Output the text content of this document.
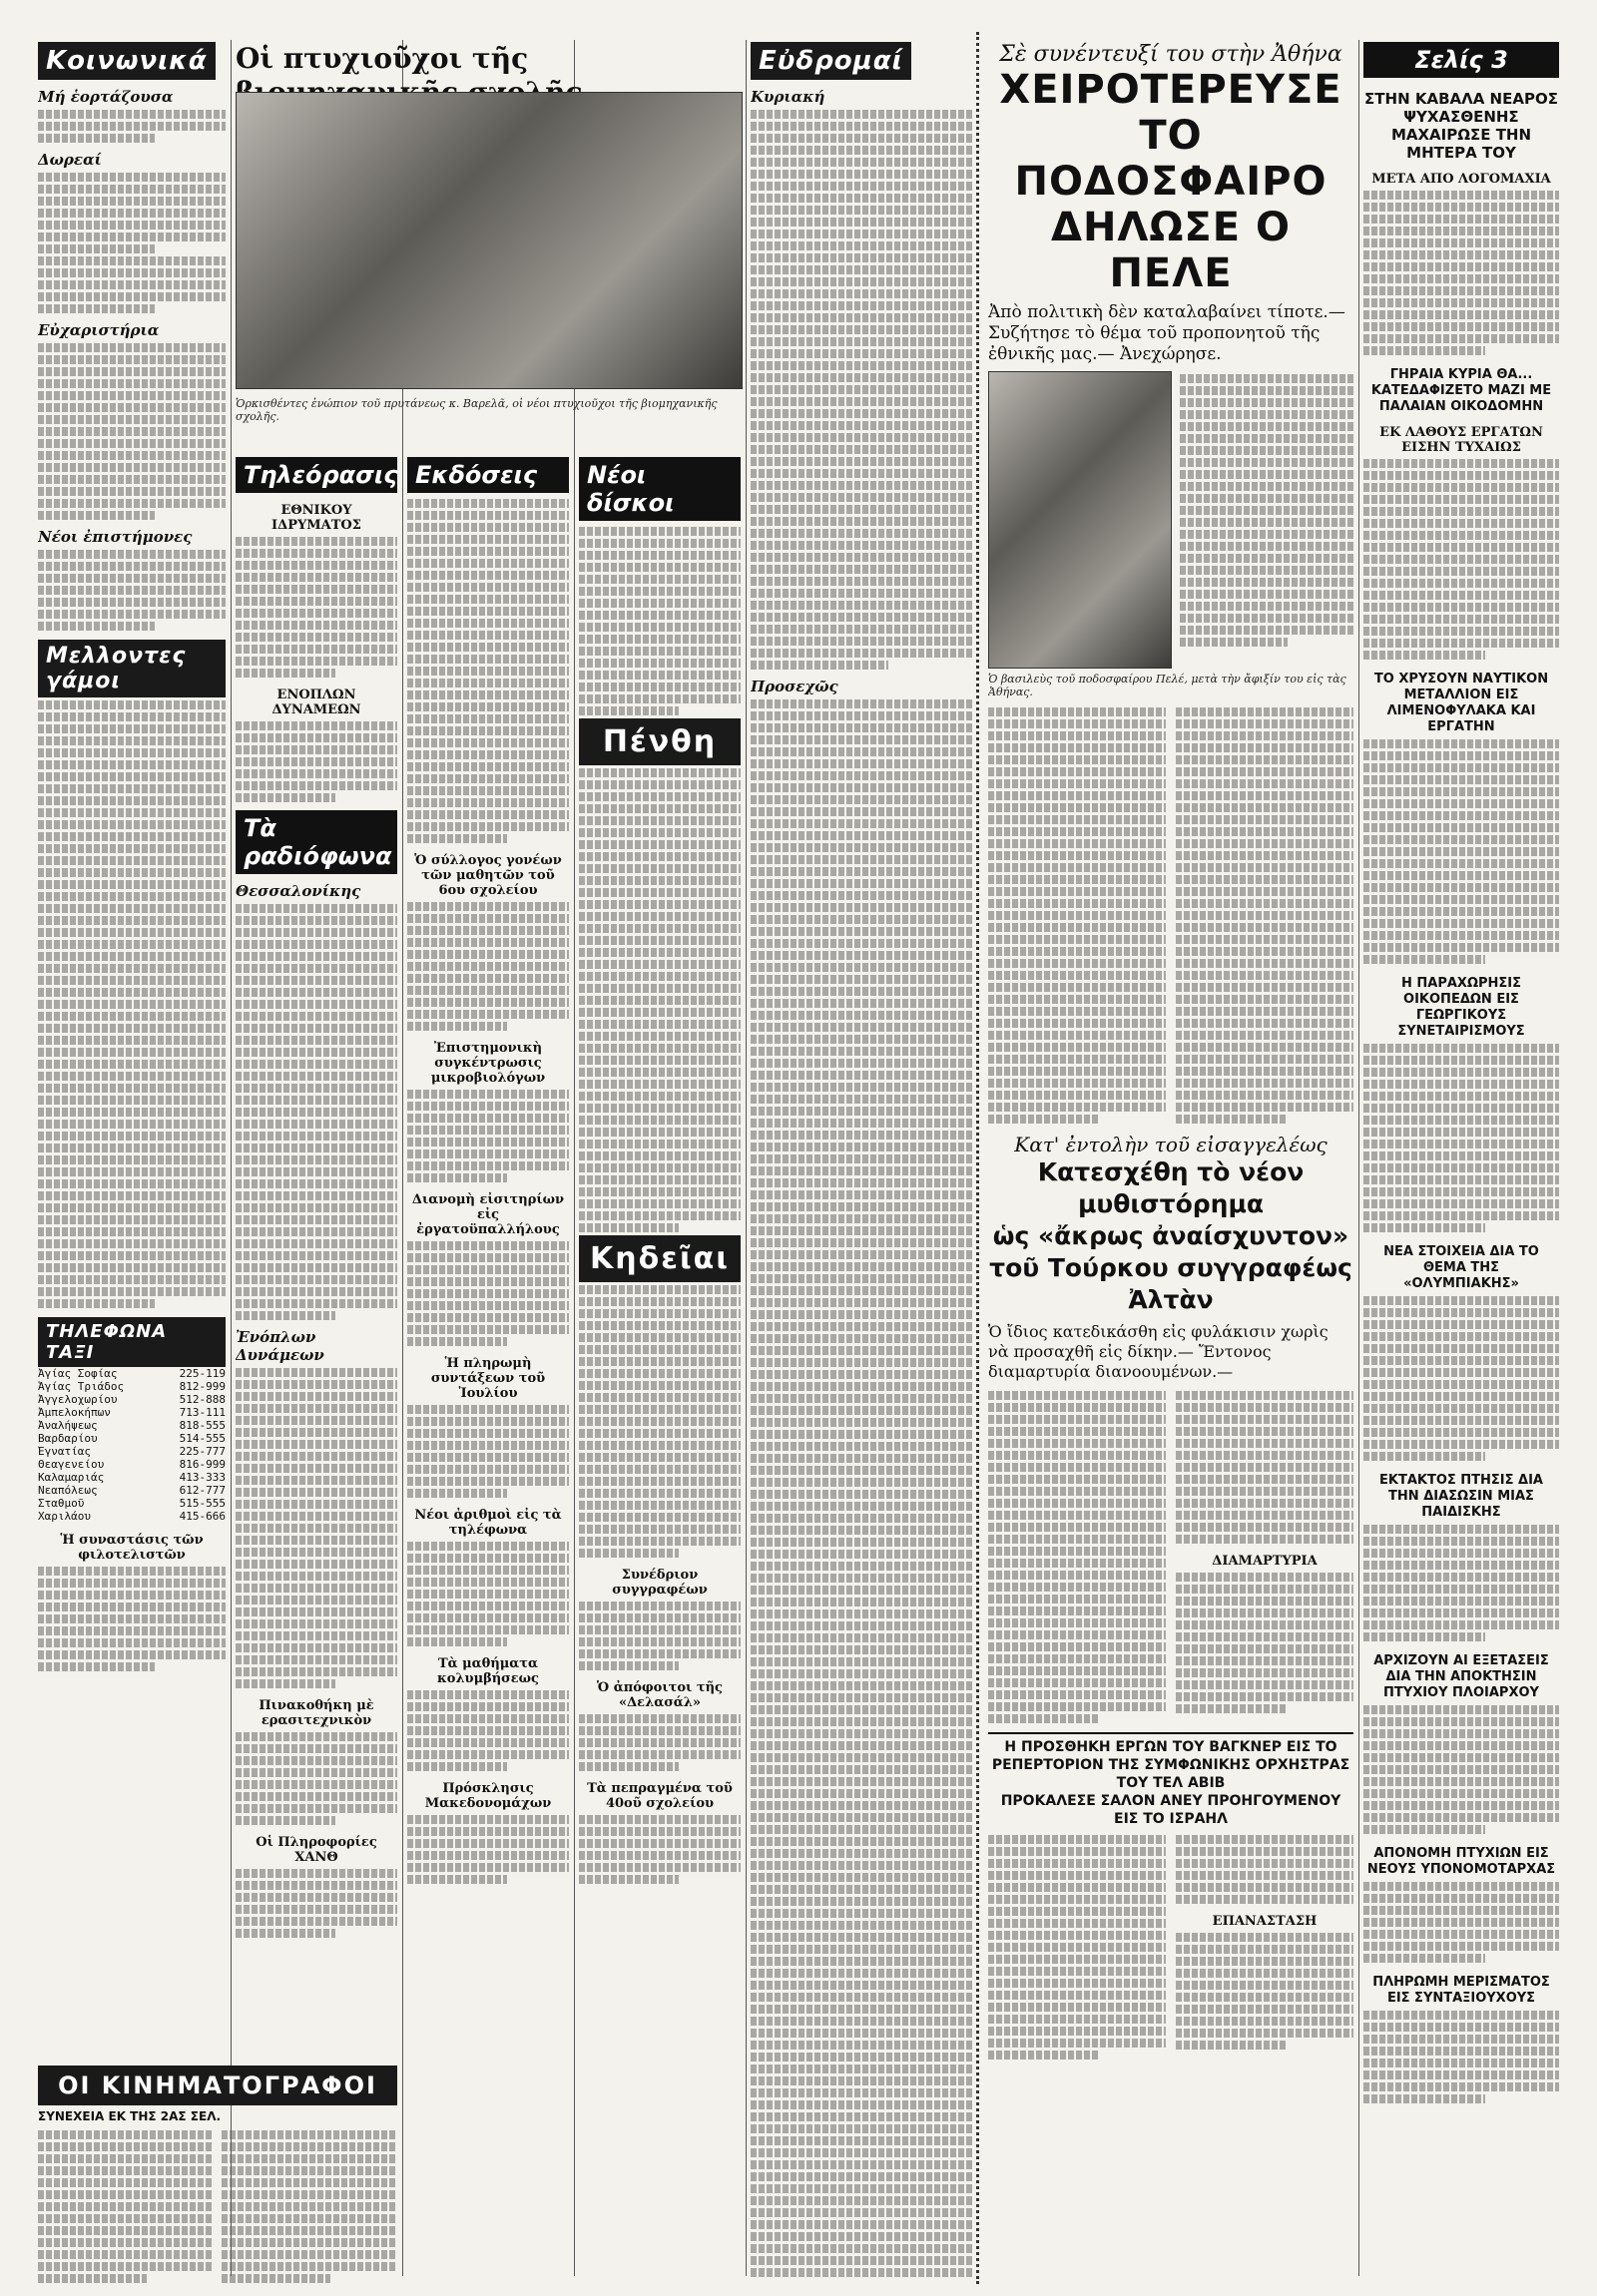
Κοινωνικά
Μή ἑορτάζουσα
Δωρεαί
Εὐχαριστήρια
Νέοι ἐπιστήμονες
Μελλοντες γάμοι
ΤΗΛΕΦΩΝΑ ΤΑΞΙ
Ἀγίας Σοφίας	225-119
Ἁγίας Τριάδος	812-999
Ἀγγελοχωρίου	512-888
Ἀμπελοκήπων	713-111
Ἀναλήψεως	818-555
Βαρδαρίου	514-555
Ἐγνατίας	225-777
Θεαγενείου	816-999
Καλαμαριάς	413-333
Νεαπόλεως	612-777
Σταθμοῦ	515-555
Χαριλάου	415-666
Ἡ συναστάσις τῶν φιλοτελιστῶν
Οἱ πτυχιοῦχοι τῆς
Ὁρκισθέντες ἐνώπιον τοῦ πρυτάνεως κ. Βαρελᾶ, οἱ νέοι πτυχιοῦχοι τῆς βιομηχανικῆς σχολῆς.
Τηλεόρασις
ΕΘΝΙΚΟΥ ΙΔΡΥΜΑΤΟΣ
ΕΝΟΠΛΩΝ ΔΥΝΑΜΕΩΝ
Τὰ ραδιόφωνα
Θεσσαλονίκης
Ἐνόπλων Δυνάμεων
Πινακοθήκη μὲ ερασιτεχνικὸν
Οἱ Πληροφορίες ΧΑΝΘ
Εκδόσεις
Ὁ σύλλογος γονέων τῶν μαθητῶν τοῦ 6ου σχολείου
Ἐπιστημονικὴ συγκέντρωσις μικροβιολόγων
Διανομὴ εἰσιτηρίων εἰς ἐργατοϋπαλλήλους
Ἡ πληρωμὴ συντάξεων τοῦ Ἰουλίου
Νέοι ἀριθμοὶ εἰς τὰ τηλέφωνα
Τὰ μαθήματα κολυμβήσεως
Πρόσκλησις Μακεδονομάχων
Νέοι δίσκοι
Πένθη
Κηδεῖαι
Συνέδριον συγγραφέων
Ὁ ἀπόφοιτοι τῆς «Δελασάλ»
Τὰ πεπραγμένα τοῦ 40οῦ σχολείου
Εὐδρομαί
Κυριακή
Προσεχῶς
Σὲ συνέντευξί του στὴν Ἀθήνα
ΧΕΙΡΟΤΕΡΕΥΣΕ
ΤΟ ΠΟΔΟΣΦΑΙΡΟ
ΔΗΛΩΣΕ Ο ΠΕΛΕ
Ἀπὸ πολιτικὴ δὲν καταλαβαίνει τίποτε.— Συζήτησε τὸ θέμα τοῦ προπονητοῦ τῆς ἐθνικῆς μας.— Ἀνεχώρησε.
Ὁ βασιλεὺς τοῦ ποδοσφαίρου Πελέ, μετὰ τὴν ἄφιξίν του εἰς τὰς Ἀθήνας.
Κατ' ἐντολὴν τοῦ εἰσαγγελέως
Κατεσχέθη τὸ νέον μυθιστόρημα
ὡς «ἄκρως ἀναίσχυντον»
τοῦ Τούρκου συγγραφέως Ἀλτὰν
Ὁ ἴδιος κατεδικάσθη εἰς φυλάκισιν χωρὶς νὰ προσαχθῆ εἰς δίκην.— Ἔντονος διαμαρτυρία διανοουμένων.—
ΔΙΑΜΑΡΤΥΡΙΑ
Η ΠΡΟΣΘΗΚΗ ΕΡΓΩΝ ΤΟΥ ΒΑΓΚΝΕΡ ΕΙΣ ΤΟ ΡΕΠΕΡΤΟΡΙΟΝ ΤΗΣ ΣΥΜΦΩΝΙΚΗΣ ΟΡΧΗΣΤΡΑΣ ΤΟΥ ΤΕΛ ΑΒΙΒ
ΠΡΟΚΑΛΕΣΕ ΣΑΛΟΝ ΑΝΕΥ ΠΡΟΗΓΟΥΜΕΝΟΥ ΕΙΣ ΤΟ ΙΣΡΑΗΛ
ΕΠΑΝΑΣΤΑΣΗ
Σελίς 3
ΣΤΗΝ ΚΑΒΑΛΑ ΝΕΑΡΟΣ ΨΥΧΑΣΘΕΝΗΣ ΜΑΧΑΙΡΩΣΕ ΤΗΝ ΜΗΤΕΡΑ ΤΟΥ
ΜΕΤΑ ΑΠΟ ΛΟΓΟΜΑΧΙΑ
ΓΗΡΑΙΑ ΚΥΡΙΑ ΘΑ... ΚΑΤΕΔΑΦΙΖΕΤΟ ΜΑΖΙ ΜΕ ΠΑΛΑΙΑΝ ΟΙΚΟΔΟΜΗΝ
ΕΚ ΛΑΘΟΥΣ ΕΡΓΑΤΩΝ ΕΙΣΗΝ ΤΥΧΑΙΩΣ
ΤΟ ΧΡΥΣΟΥΝ ΝΑΥΤΙΚΟΝ ΜΕΤΑΛΛΙΟΝ ΕΙΣ ΛΙΜΕΝΟΦΥΛΑΚΑ ΚΑΙ ΕΡΓΑΤΗΝ
Η ΠΑΡΑΧΩΡΗΣΙΣ ΟΙΚΟΠΕΔΩΝ ΕΙΣ ΓΕΩΡΓΙΚΟΥΣ ΣΥΝΕΤΑΙΡΙΣΜΟΥΣ
ΝΕΑ ΣΤΟΙΧΕΙΑ ΔΙΑ ΤΟ ΘΕΜΑ ΤΗΣ «ΟΛΥΜΠΙΑΚΗΣ»
ΕΚΤΑΚΤΟΣ ΠΤΗΣΙΣ ΔΙΑ ΤΗΝ ΔΙΑΣΩΣΙΝ ΜΙΑΣ ΠΑΙΔΙΣΚΗΣ
ΑΡΧΙΖΟΥΝ ΑΙ ΕΞΕΤΑΣΕΙΣ ΔΙΑ ΤΗΝ ΑΠΟΚΤΗΣΙΝ ΠΤΥΧΙΟΥ ΠΛΟΙΑΡΧΟΥ
ΑΠΟΝΟΜΗ ΠΤΥΧΙΩΝ ΕΙΣ ΝΕΟΥΣ ΥΠΟΝΟΜΟΤΑΡΧΑΣ
ΠΛΗΡΩΜΗ ΜΕΡΙΣΜΑΤΟΣ ΕΙΣ ΣΥΝΤΑΞΙΟΥΧΟΥΣ
ΟΙ ΚΙΝΗΜΑΤΟΓΡΑΦΟΙ
ΣΥΝΕΧΕΙΑ ΕΚ ΤΗΣ 2ΑΣ ΣΕΛ.
